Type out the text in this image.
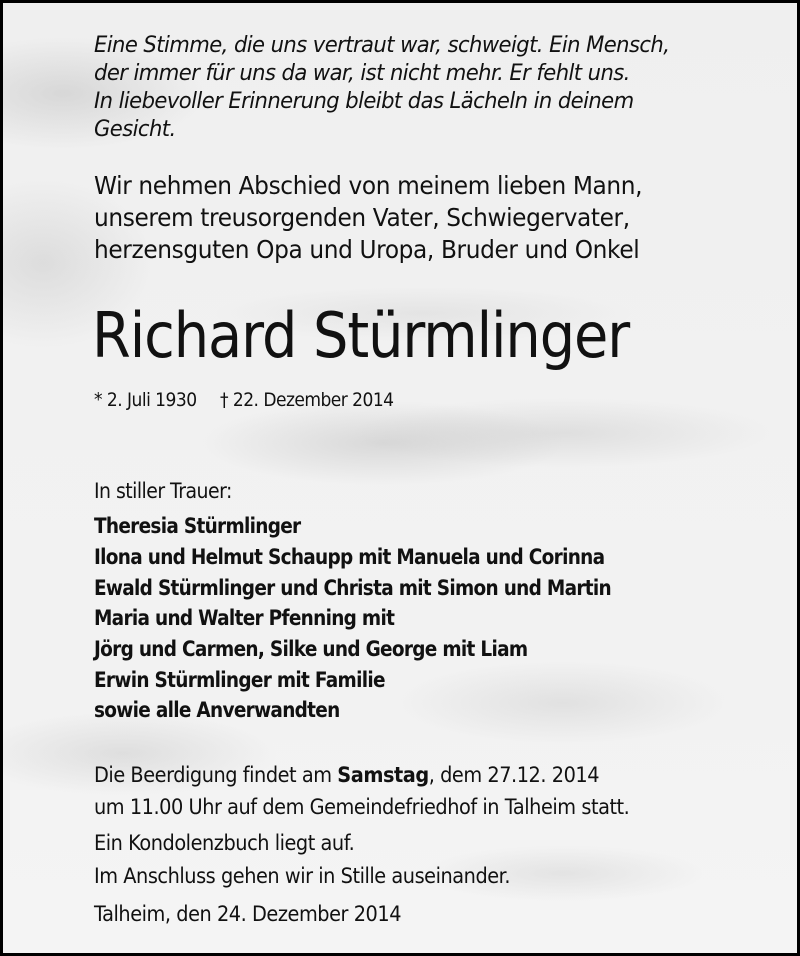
Eine Stimme, die uns vertraut war, schweigt. Ein Mensch,
der immer für uns da war, ist nicht mehr. Er fehlt uns.
In liebevoller Erinnerung bleibt das Lächeln in deinem
Gesicht.
Wir nehmen Abschied von meinem lieben Mann,
unserem treusorgenden Vater, Schwiegervater,
herzensguten Opa und Uropa, Bruder und Onkel
Richard Stürmlinger
* 2. Juli 1930 † 22. Dezember 2014
In stiller Trauer:
Theresia Stürmlinger
Ilona und Helmut Schaupp mit Manuela und Corinna
Ewald Stürmlinger und Christa mit Simon und Martin
Maria und Walter Pfenning mit
Jörg und Carmen, Silke und George mit Liam
Erwin Stürmlinger mit Familie
sowie alle Anverwandten
Die Beerdigung findet am Samstag, dem 27.12. 2014
um 11.00 Uhr auf dem Gemeindefriedhof in Talheim statt.
Ein Kondolenzbuch liegt auf.
Im Anschluss gehen wir in Stille auseinander.
Talheim, den 24. Dezember 2014
